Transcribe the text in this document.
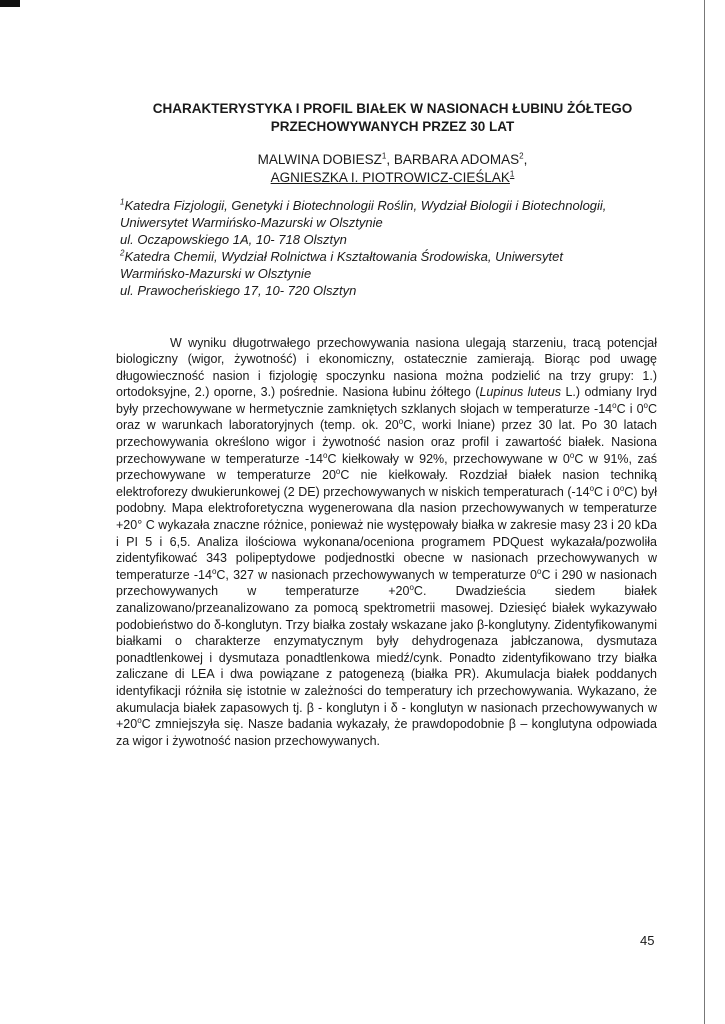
CHARAKTERYSTYKA I PROFIL BIAŁEK W NASIONACH ŁUBINU ŻÓŁTEGO
PRZECHOWYWANYCH PRZEZ 30 LAT
MALWINA DOBIESZ$^1$, BARBARA ADOMAS$^2$,
AGNIESZKA I. PIOTROWICZ-CIEŚLAK$^1$
$^1$Katedra Fizjologii, Genetyki i Biotechnologii Roślin, Wydział Biologii i Biotechnologii,
Uniwersytet Warmińsko-Mazurski w Olsztynie
ul. Oczapowskiego 1A, 10- 718 Olsztyn
$^2$Katedra Chemii, Wydział Rolnictwa i Kształtowania Środowiska, Uniwersytet
Warmińsko-Mazurski w Olsztynie
ul. Prawocheńskiego 17, 10- 720 Olsztyn

W wyniku długotrwałego przechowywania nasiona ulegają starzeniu, tracą potencjał biologiczny (wigor, żywotność) i ekonomiczny, ostatecznie zamierają. Biorąc pod uwagę długowieczność nasion i fizjologię spoczynku nasiona można podzielić na trzy grupy: 1.) ortodoksyjne, 2.) oporne, 3.) pośrednie. Nasiona łubinu żółtego (Lupinus luteus L.) odmiany Iryd były przechowywane w hermetycznie zamkniętych szklanych słojach w temperaturze -14$^o$C i 0$^o$C oraz w warunkach laboratoryjnych (temp. ok. 20$^o$C, worki lniane) przez 30 lat. Po 30 latach przechowywania określono wigor i żywotność nasion oraz profil i zawartość białek. Nasiona przechowywane w temperaturze -14$^o$C kiełkowały w 92%, przechowywane w 0$^o$C w 91%, zaś przechowywane w temperaturze 20$^o$C nie kiełkowały. Rozdział białek nasion techniką elektroforezy dwukierunkowej (2 DE) przechowywanych w niskich temperaturach (-14$^o$C i 0$^o$C) był podobny. Mapa elektroforetyczna wygenerowana dla nasion przechowywanych w temperaturze +20° C wykazała znaczne różnice, ponieważ nie występowały białka w zakresie masy 23 i 20 kDa i PI 5 i 6,5. Analiza ilościowa wykonana/oceniona programem PDQuest wykazała/pozwoliła zidentyfikować 343 polipeptydowe podjednostki obecne w nasionach przechowywanych w temperaturze -14$^o$C, 327 w nasionach przechowywanych w temperaturze 0$^o$C i 290 w nasionach przechowywanych w temperaturze $+20^oC$. Dwadzieścia siedem białek zanalizowano/przeanalizowano za pomocą spektrometrii masowej. Dziesięć białek wykazywało podobieństwo do δ-konglutyn. Trzy białka zostały wskazane jako β-konglutyny. Zidentyfikowanymi białkami o charakterze enzymatycznym były dehydrogenaza jabłczanowa, dysmutaza ponadtlenkowej i dysmutaza ponadtlenkowa miedź/cynk. Ponadto zidentyfikowano trzy białka zaliczane di LEA i dwa powiązane z patogenezą (białka PR). Akumulacja białek poddanych identyfikacji różniła się istotnie w zależności do temperatury ich przechowywania. Wykazano, że akumulacja białek zapasowych tj. β - konglutyn i δ - konglutyn w nasionach przechowywanych $w +20^oC$ zmniejszyła się. Nasze badania wykazały, że prawdopodobnie β – konglutyna odpowiada za wigor i żywotność nasion przechowywanych.

45
